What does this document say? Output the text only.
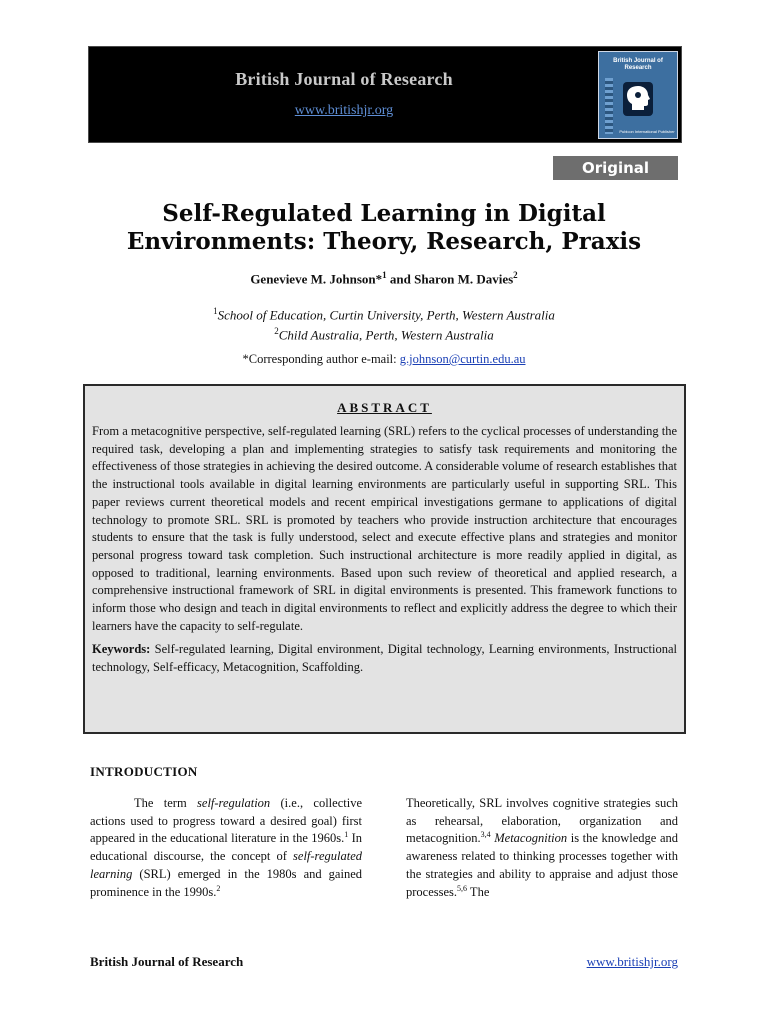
British Journal of Research
www.britishjr.org
British Journal of Research
Pubicon International Publisher
Original Article
Self-Regulated Learning in Digital
Environments: Theory, Research, Praxis
Genevieve M. Johnson*$^1$ and Sharon M. Davies$^2$
$^1$School of Education, Curtin University, Perth, Western Australia
$^2$Child Australia, Perth, Western Australia
*Corresponding author e-mail: g.johnson@curtin.edu.au
ABSTRACT

From a metacognitive perspective, self-regulated learning (SRL) refers to the cyclical processes of understanding the required task, developing a plan and implementing strategies to satisfy task requirements and monitoring the effectiveness of those strategies in achieving the desired outcome. A considerable volume of research establishes that the instructional tools available in digital learning environments are particularly useful in supporting SRL. This paper reviews current theoretical models and recent empirical investigations germane to applications of digital technology to promote SRL. SRL is promoted by teachers who provide instruction architecture that encourages students to ensure that the task is fully understood, select and execute effective plans and strategies and monitor personal progress toward task completion. Such instructional architecture is more readily applied in digital, as opposed to traditional, learning environments. Based upon such review of theoretical and applied research, a comprehensive instructional framework of SRL in digital environments is presented. This framework functions to inform those who design and teach in digital environments to reflect and explicitly address the degree to which their learners have the capacity to self-regulate.

Keywords: Self-regulated learning, Digital environment, Digital technology, Learning environments, Instructional technology, Self-efficacy, Metacognition, Scaffolding.

INTRODUCTION
The term self-regulation (i.e., collective actions used to progress toward a desired goal) first appeared in the educational literature in the 1960s.$^1$ In educational discourse, the concept of self-regulated learning (SRL) emerged in the 1980s and gained prominence in the 1990s.$^2$
Theoretically, SRL involves cognitive strategies such as rehearsal, elaboration, organization and metacognition.$^{3,4}$ Metacognition is the knowledge and awareness related to thinking processes together with the strategies and ability to appraise and adjust those processes.$^{5,6}$ The
British Journal of Research	www.britishjr.org
